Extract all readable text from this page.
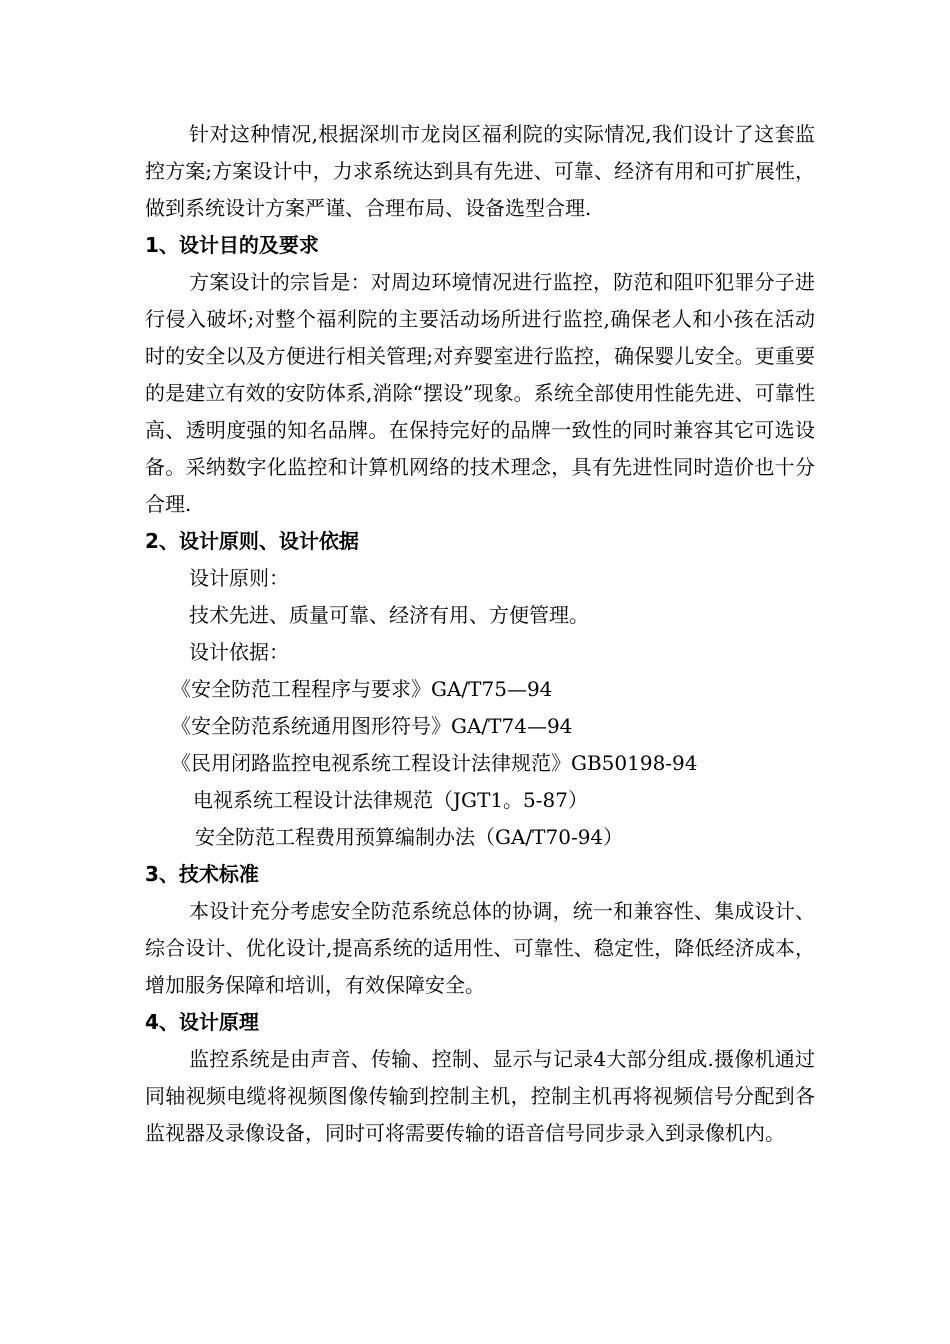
针对这种情况,根据深圳市龙岗区福利院的实际情况,我们设计了这套监控方案;方案设计中，力求系统达到具有先进、可靠、经济有用和可扩展性，做到系统设计方案严谨、合理布局、设备选型合理.

1、设计目的及要求

方案设计的宗旨是：对周边环境情况进行监控，防范和阻吓犯罪分子进行侵入破坏;对整个福利院的主要活动场所进行监控,确保老人和小孩在活动时的安全以及方便进行相关管理;对弃婴室进行监控，确保婴儿安全。更重要的是建立有效的安防体系,消除“摆设”现象。系统全部使用性能先进、可靠性高、透明度强的知名品牌。在保持完好的品牌一致性的同时兼容其它可选设备。采纳数字化监控和计算机网络的技术理念，具有先进性同时造价也十分合理.

2、设计原则、设计依据

设计原则：

技术先进、质量可靠、经济有用、方便管理。

设计依据：

《安全防范工程程序与要求》GA/T75—94

《安全防范系统通用图形符号》GA/T74—94

《民用闭路监控电视系统工程设计法律规范》GB50198-94

电视系统工程设计法律规范（JGT1。5-87）

安全防范工程费用预算编制办法（GA/T70-94）

3、技术标准

本设计充分考虑安全防范系统总体的协调，统一和兼容性、集成设计、综合设计、优化设计,提高系统的适用性、可靠性、稳定性，降低经济成本，增加服务保障和培训，有效保障安全。

4、设计原理

监控系统是由声音、传输、控制、显示与记录4大部分组成.摄像机通过同轴视频电缆将视频图像传输到控制主机，控制主机再将视频信号分配到各监视器及录像设备，同时可将需要传输的语音信号同步录入到录像机内。
